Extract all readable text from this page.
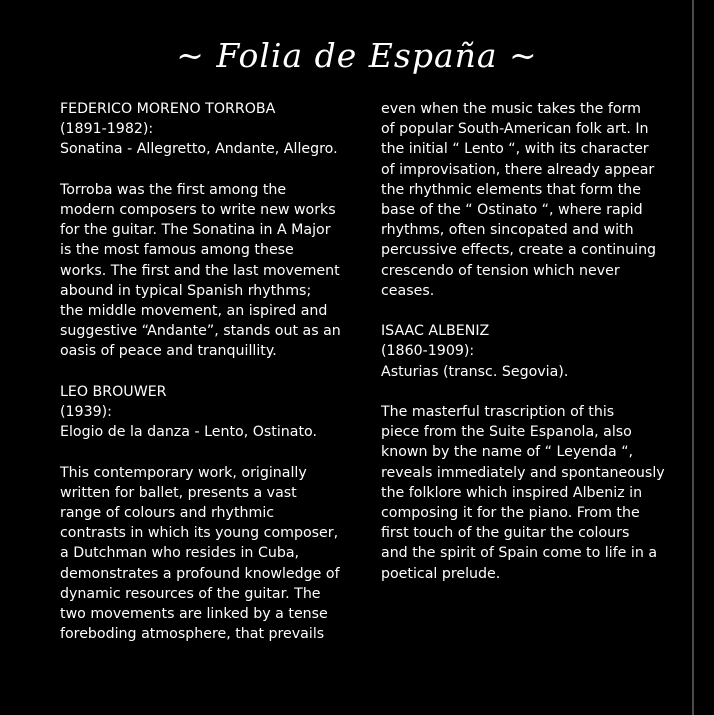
~ Folia de España ~
FEDERICO MORENO TORROBA
(1891-1982):
Sonatina - Allegretto, Andante, Allegro.
Torroba was the first among the
modern composers to write new works
for the guitar. The Sonatina in A Major
is the most famous among these
works. The first and the last movement
abound in typical Spanish rhythms;
the middle movement, an ispired and
suggestive “Andante”, stands out as an
oasis of peace and tranquillity.
LEO BROUWER
(1939):
Elogio de la danza - Lento, Ostinato.
This contemporary work, originally
written for ballet, presents a vast
range of colours and rhythmic
contrasts in which its young composer,
a Dutchman who resides in Cuba,
demonstrates a profound knowledge of
dynamic resources of the guitar. The
two movements are linked by a tense
foreboding atmosphere, that prevails
even when the music takes the form
of popular South-American folk art. In
the initial “ Lento “, with its character
of improvisation, there already appear
the rhythmic elements that form the
base of the “ Ostinato “, where rapid
rhythms, often sincopated and with
percussive effects, create a continuing
crescendo of tension which never
ceases.
ISAAC ALBENIZ
(1860-1909):
Asturias (transc. Segovia).
The masterful trascription of this
piece from the Suite Espanola, also
known by the name of “ Leyenda “,
reveals immediately and spontaneously
the folklore which inspired Albeniz in
composing it for the piano. From the
first touch of the guitar the colours
and the spirit of Spain come to life in a
poetical prelude.
